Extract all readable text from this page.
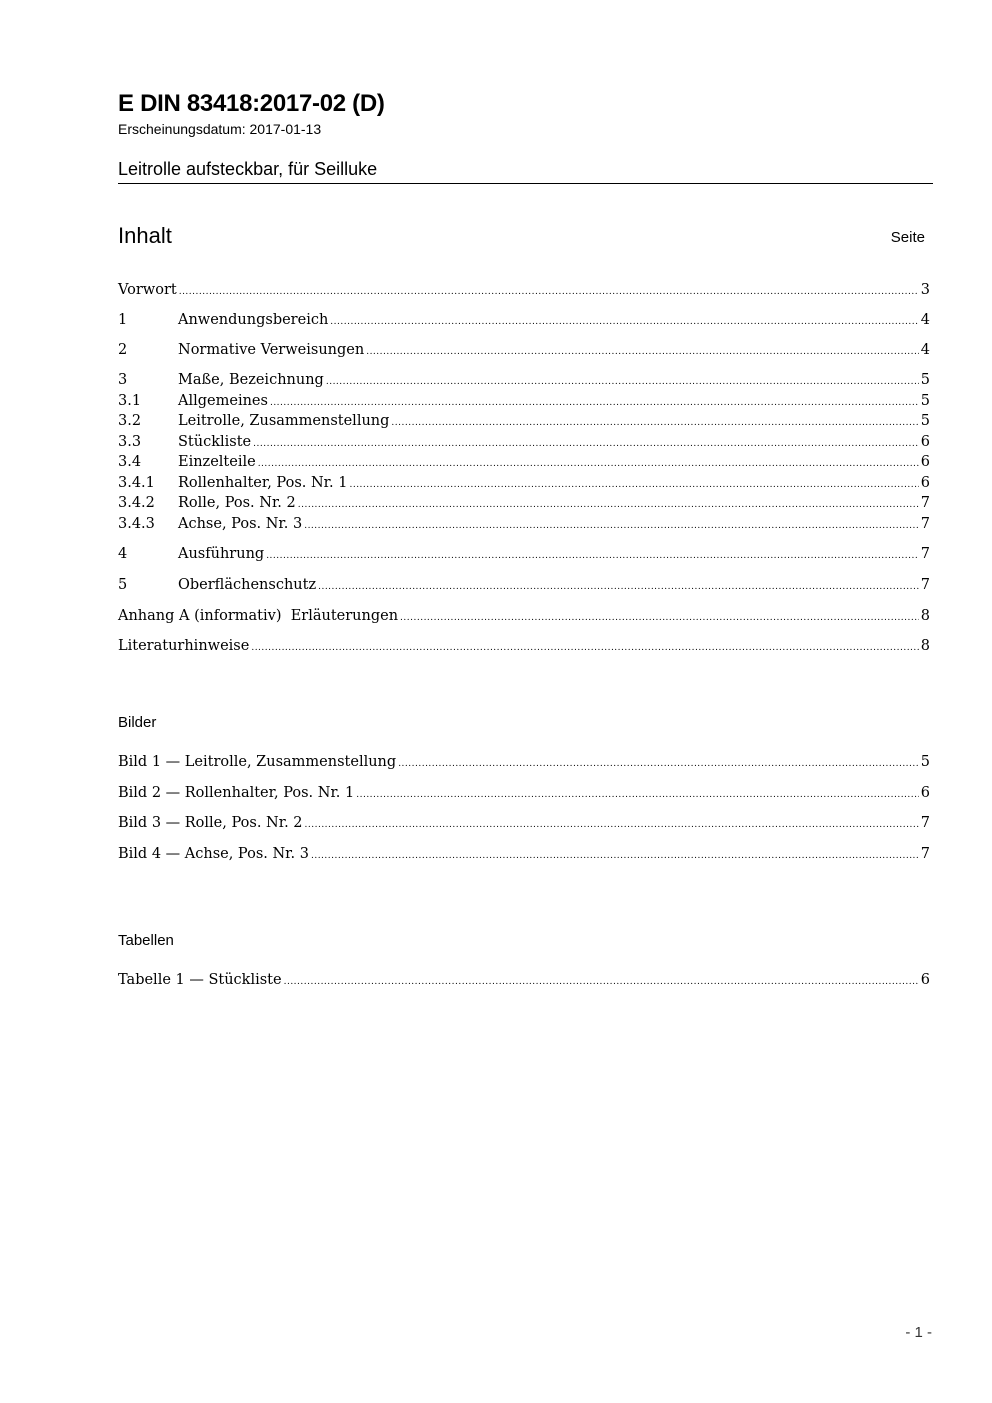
E DIN 83418:2017-02 (D)
Erscheinungsdatum: 2017-01-13
Leitrolle aufsteckbar, für Seilluke
Inhalt	Seite
Vorwort .....	3
1	Anwendungsbereich .....	4
2	Normative Verweisungen .....	4
3	Maße, Bezeichnung .....	5
3.1	Allgemeines .....	5
3.2	Leitrolle, Zusammenstellung .....	5
3.3	Stückliste .....	6
3.4	Einzelteile .....	6
3.4.1	Rollenhalter, Pos. Nr. 1 .....	6
3.4.2	Rolle, Pos. Nr. 2 .....	7
3.4.3	Achse, Pos. Nr. 3 .....	7
4	Ausführung .....	7
5	Oberflächenschutz .....	7
Anhang A (informativ)  Erläuterungen .....	8
Literaturhinweise .....	8
Bilder
Bild 1 — Leitrolle, Zusammenstellung .....	5
Bild 2 — Rollenhalter, Pos. Nr. 1 .....	6
Bild 3 — Rolle, Pos. Nr. 2 .....	7
Bild 4 — Achse, Pos. Nr. 3 .....	7
Tabellen
Tabelle 1 — Stückliste .....	6
- 1 -
